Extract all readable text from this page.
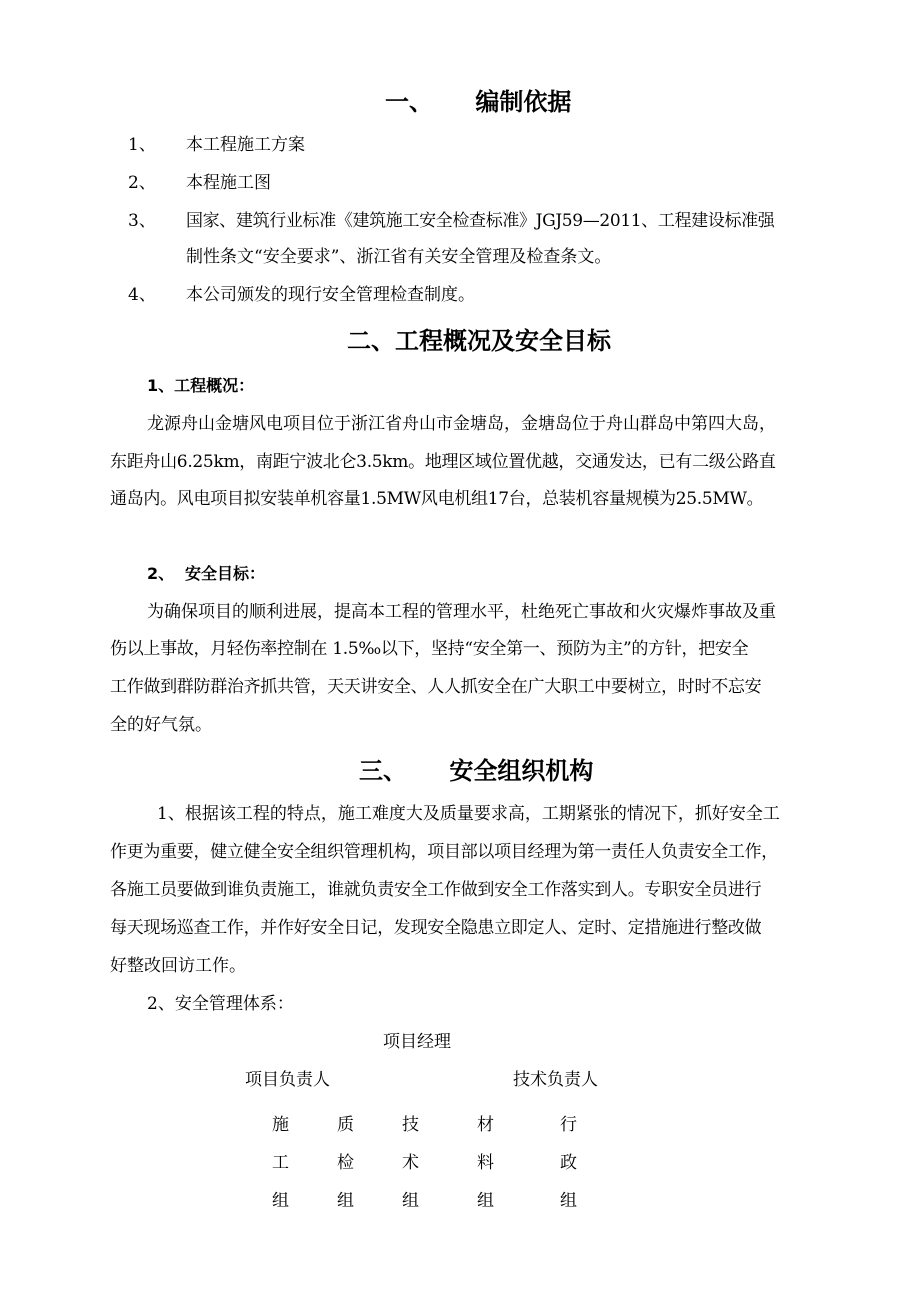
一、 编制依据
1、 本工程施工方案
2、 本程施工图
3、 国家、建筑行业标准《建筑施工安全检查标准》JGJ59—2011、工程建设标准强
制性条文“安全要求”、浙江省有关安全管理及检查条文。
4、 本公司颁发的现行安全管理检查制度。
二、工程概况及安全目标
1、工程概况：
龙源舟山金塘风电项目位于浙江省舟山市金塘岛，金塘岛位于舟山群岛中第四大岛，
东距舟山6.25km，南距宁波北仑3.5km。地理区域位置优越，交通发达，已有二级公路直
通岛内。风电项目拟安装单机容量1.5MW风电机组17台，总装机容量规模为25.5MW。
2、 安全目标：
为确保项目的顺利进展，提高本工程的管理水平，杜绝死亡事故和火灾爆炸事故及重
伤以上事故，月轻伤率控制在 1.5‰以下，坚持“安全第一、预防为主”的方针，把安全
工作做到群防群治齐抓共管，天天讲安全、人人抓安全在广大职工中要树立，时时不忘安
全的好气氛。
三、 安全组织机构
1、根据该工程的特点，施工难度大及质量要求高，工期紧张的情况下，抓好安全工
作更为重要，健立健全安全组织管理机构，项目部以项目经理为第一责任人负责安全工作，
各施工员要做到谁负责施工，谁就负责安全工作做到安全工作落实到人。专职安全员进行
每天现场巡查工作，并作好安全日记，发现安全隐患立即定人、定时、定措施进行整改做
好整改回访工作。
2、安全管理体系：
项目经理
项目负责人	技术负责人
施
工
组
质
检
组
技
术
组
材
料
组
行
政
组
